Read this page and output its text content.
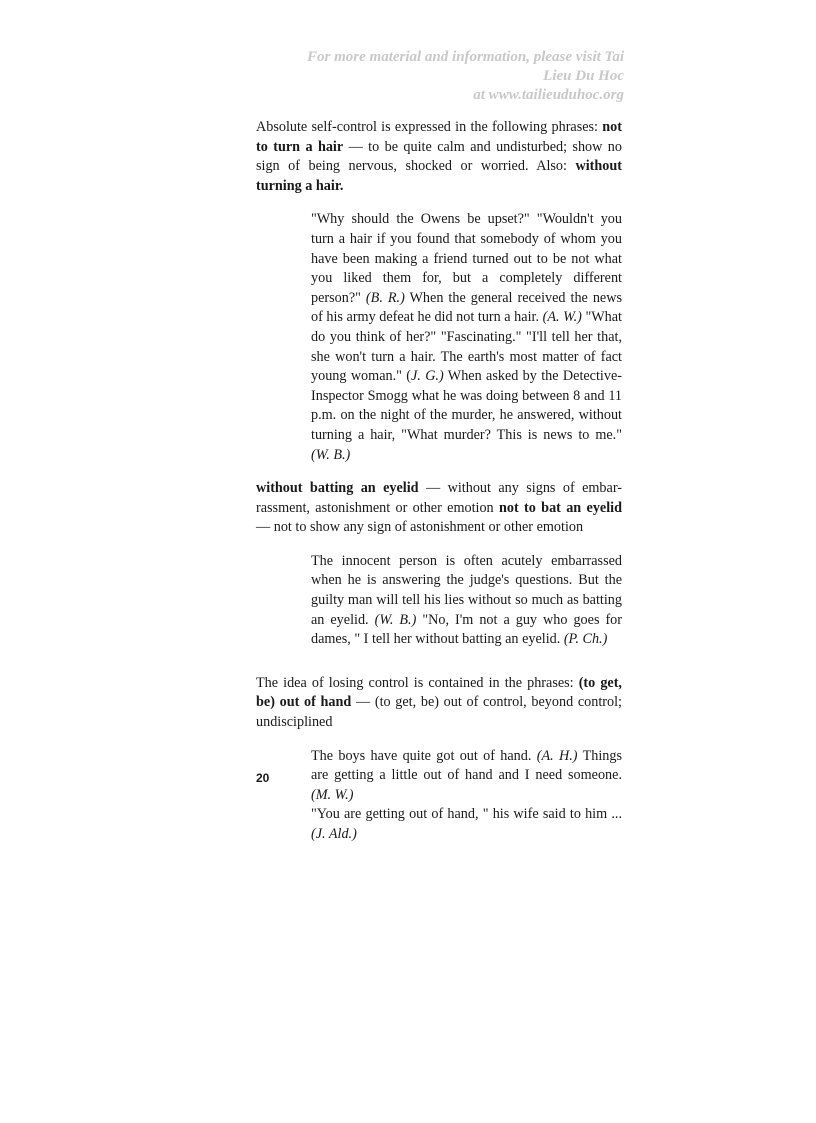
For more material and information, please visit Tai
Lieu Du Hoc
at www.tailieuduhoc.org

Absolute self-control is expressed in the following phrases: not to turn a hair — to be quite calm and undisturbed; show no sign of being nervous, shocked or worried. Also: without turning a hair.

"Why should the Owens be upset?" "Wouldn't you turn a hair if you found that somebody of whom you have been making a friend turned out to be not what you liked them for, but a completely different person?" (B. R.) When the general received the news of his army defeat he did not turn a hair. (A. W.) "What do you think of her?" "Fascinating." "I'll tell her that, she won't turn a hair. The earth's most matter of fact young woman." (J. G.) When asked by the Detective-Inspector Smogg what he was doing between 8 and 11 p.m. on the night of the murder, he answered, without turning a hair, "What murder? This is news to me." (W. B.)

without batting an eyelid — without any signs of embar-rassment, astonishment or other emotion not to bat an eyelid — not to show any sign of astonishment or other emotion

The innocent person is often acutely embarrassed when he is answering the judge's questions. But the guilty man will tell his lies without so much as batting an eyelid. (W. B.) "No, I'm not a guy who goes for dames, " I tell her without batting an eyelid. (P. Ch.)

The idea of losing control is contained in the phrases: (to get, be) out of hand — (to get, be) out of control, beyond control; undisciplined

The boys have quite got out of hand. (A. H.) Things are getting a little out of hand and I need someone. (M. W.)

"You are getting out of hand, " his wife said to him ... (J. Ald.)

20
